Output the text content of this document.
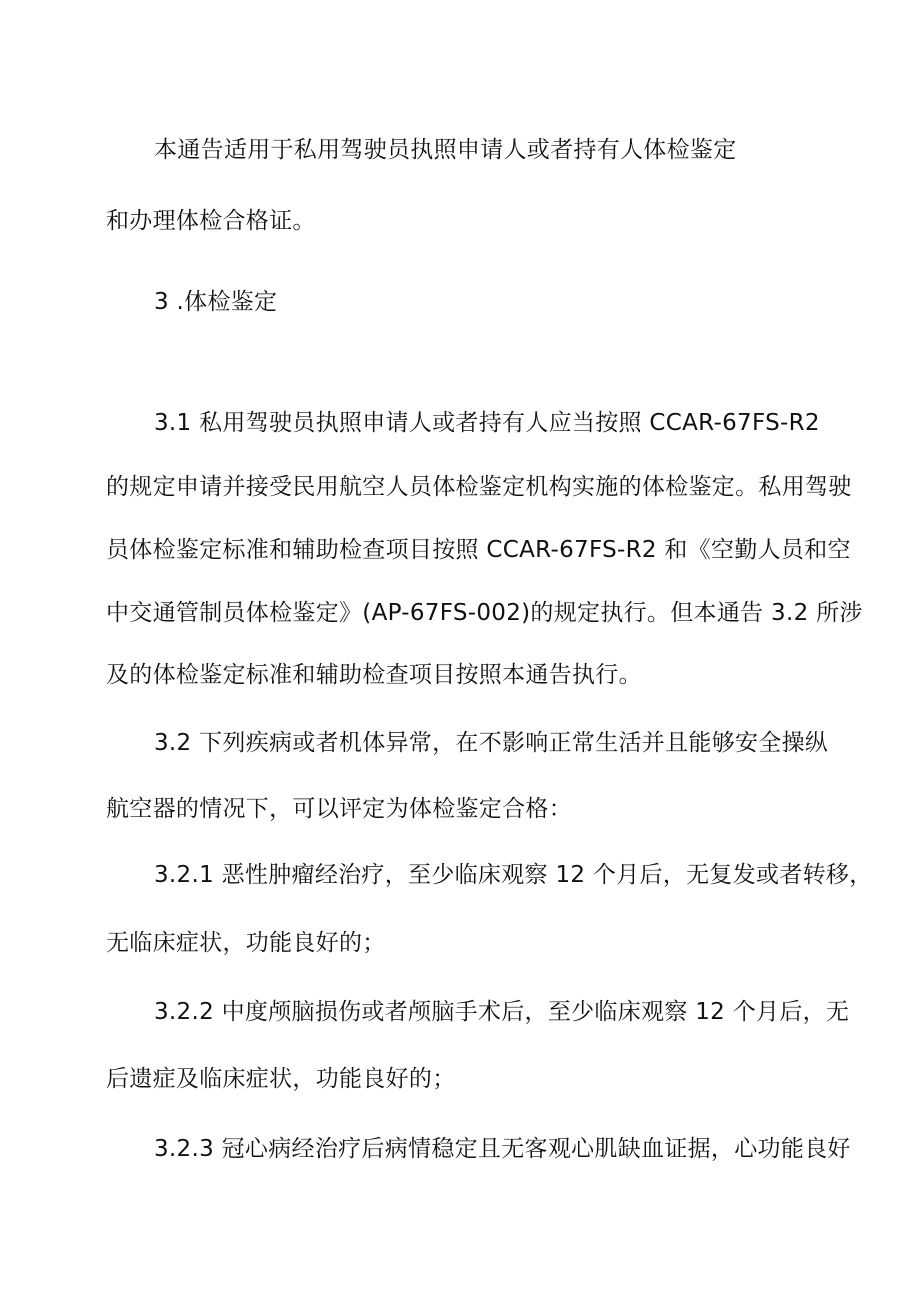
本通告适用于私用驾驶员执照申请人或者持有人体检鉴定
和办理体检合格证。
3 .体检鉴定
3.1 私用驾驶员执照申请人或者持有人应当按照 CCAR-67FS-R2
的规定申请并接受民用航空人员体检鉴定机构实施的体检鉴定。私用驾驶
员体检鉴定标准和辅助检查项目按照 CCAR-67FS-R2 和《空勤人员和空
中交通管制员体检鉴定》(AP-67FS-002)的规定执行。但本通告 3.2 所涉
及的体检鉴定标准和辅助检查项目按照本通告执行。
3.2 下列疾病或者机体异常，在不影响正常生活并且能够安全操纵
航空器的情况下，可以评定为体检鉴定合格：
3.2.1 恶性肿瘤经治疗，至少临床观察 12 个月后，无复发或者转移，
无临床症状，功能良好的；
3.2.2 中度颅脑损伤或者颅脑手术后，至少临床观察 12 个月后，无
后遗症及临床症状，功能良好的；
3.2.3 冠心病经治疗后病情稳定且无客观心肌缺血证据，心功能良好
